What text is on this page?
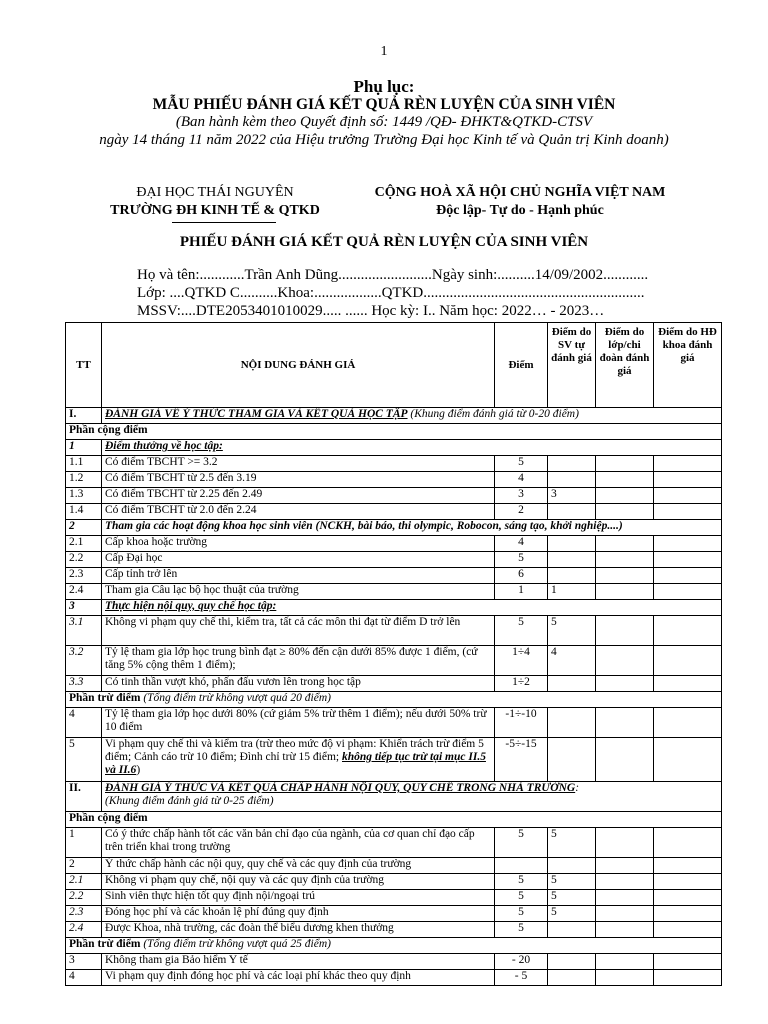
1
Phụ lục:
MẪU PHIẾU ĐÁNH GIÁ KẾT QUẢ RÈN LUYỆN CỦA SINH VIÊN
(Ban hành kèm theo Quyết định số: 1449 /QĐ- ĐHKT&QTKD-CTSV
ngày 14 tháng 11 năm 2022 của Hiệu trưởng Trường Đại học Kinh tế và Quản trị Kinh doanh)
ĐẠI HỌC THÁI NGUYÊN
TRƯỜNG ĐH KINH TẾ & QTKD
CỘNG HOÀ XÃ HỘI CHỦ NGHĨA VIỆT NAM
Độc lập- Tự do - Hạnh phúc
PHIẾU ĐÁNH GIÁ KẾT QUẢ RÈN LUYỆN CỦA SINH VIÊN
Họ và tên:............Trần Anh Dũng.........................Ngày sinh:..........14/09/2002............
Lớp: ....QTKD C..........Khoa:..................QTKD...........................................................
MSSV:....DTE2053401010029..... ...... Học kỳ: I.. Năm học: 2022… - 2023…
TT	NỘI DUNG ĐÁNH GIÁ	Điểm	Điểm do SV tự đánh giá	Điểm do lớp/chi đoàn đánh giá	Điểm do HĐ khoa đánh giá
I.	ĐÁNH GIÁ VỀ Ý THỨC THAM GIA VÀ KẾT QUẢ HỌC TẬP (Khung điểm đánh giá từ 0-20 điểm)				
Phần cộng điểm					
1	Điểm thưởng về học tập:				
1.1	Có điểm TBCHT >= 3.2	5			
1.2	Có điểm TBCHT từ 2.5 đến 3.19	4			
1.3	Có điểm TBCHT từ 2.25 đến 2.49	3	3		
1.4	Có điểm TBCHT từ 2.0 đến 2.24	2			
2	Tham gia các hoạt động khoa học sinh viên (NCKH, bài báo, thi olympic, Robocon, sáng tạo, khởi nghiệp....)				
2.1	Cấp khoa hoặc trường	4			
2.2	Cấp Đại học	5			
2.3	Cấp tỉnh trở lên	6			
2.4	Tham gia Câu lạc bộ học thuật của trường	1	1		
3	Thực hiện nội quy, quy chế học tập:				
3.1	Không vi phạm quy chế thi, kiểm tra, tất cả các môn thi đạt từ điểm D trở lên	5	5		
3.2	Tỷ lệ tham gia lớp học trung bình đạt ≥ 80% đến cận dưới 85% được 1 điểm, (cứ tăng 5% cộng thêm 1 điểm);	1÷4	4		
3.3	Có tinh thần vượt khó, phấn đấu vươn lên trong học tập	1÷2			
Phần trừ điểm (Tổng điểm trừ không vượt quá 20 điểm)					
4	Tỷ lệ tham gia lớp học dưới 80% (cứ giảm 5% trừ thêm 1 điểm); nếu dưới 50% trừ 10 điểm	-1÷-10			
5	Vi phạm quy chế thi và kiểm tra (trừ theo mức độ vi phạm: Khiển trách trừ điểm 5 điểm; Cảnh cáo trừ 10 điểm; Đình chỉ trừ 15 điểm; không tiếp tục trừ tại mục II.5 và II.6)	-5÷-15			
II.	ĐÁNH GIÁ Ý THỨC VÀ KẾT QUẢ CHẤP HÀNH NỘI QUY, QUY CHẾ TRONG NHÀ TRƯỜNG:
(Khung điểm đánh giá từ 0-25 điểm)				
Phần cộng điểm					
1	Có ý thức chấp hành tốt các văn bản chỉ đạo của ngành, của cơ quan chỉ đạo cấp trên triển khai trong trường	5	5		
2	Ý thức chấp hành các nội quy, quy chế và các quy định của trường				
2.1	Không vi phạm quy chế, nội quy và các quy định của trường	5	5		
2.2	Sinh viên thực hiện tốt quy định nội/ngoại trú	5	5		
2.3	Đóng học phí và các khoản lệ phí đúng quy định	5	5		
2.4	Được Khoa, nhà trường, các đoàn thể biểu dương khen thưởng	5			
Phần trừ điểm (Tổng điểm trừ không vượt quá 25 điểm)					
3	Không tham gia Bảo hiểm Y tế	- 20			
4	Vi phạm quy định đóng học phí và các loại phí khác theo quy định	- 5			
